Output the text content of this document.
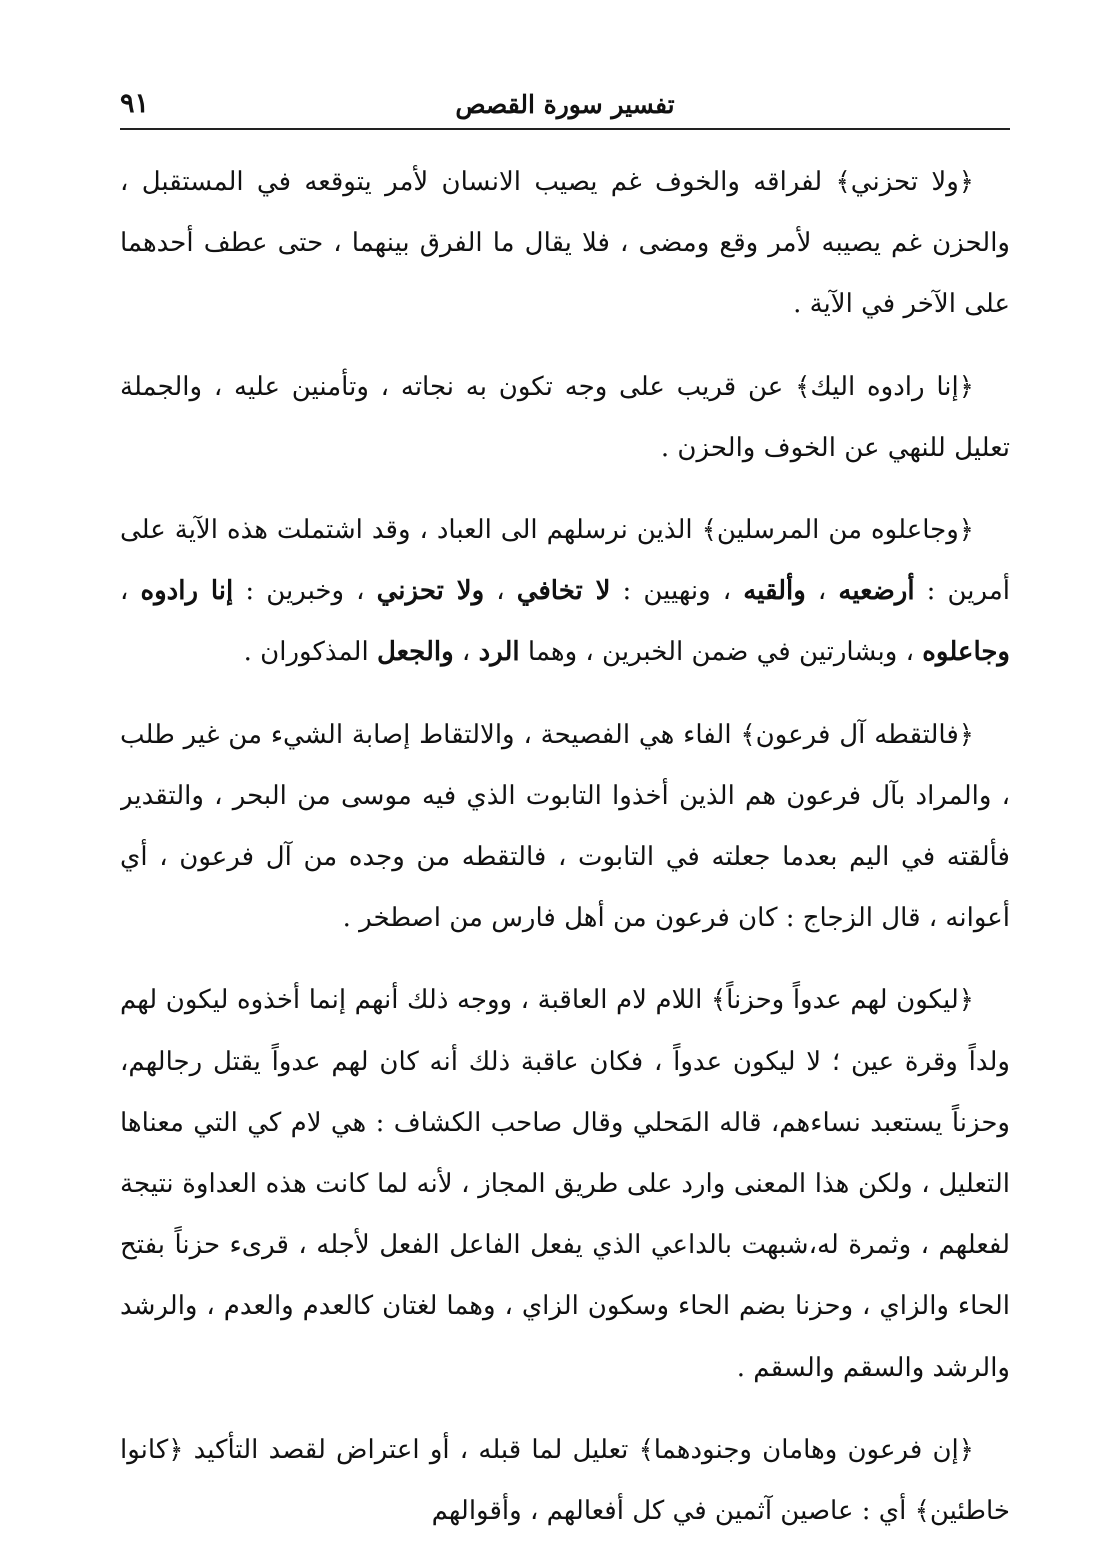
تفسير سورة القصص
٩١

﴿ولا تحزني﴾ لفراقه والخوف غم يصيب الانسان لأمر يتوقعه في المستقبل ، والحزن غم يصيبه لأمر وقع ومضى ، فلا يقال ما الفرق بينهما ، حتى عطف أحدهما على الآخر في الآية .

﴿إنا رادوه اليك﴾ عن قريب على وجه تكون به نجاته ، وتأمنين عليه ، والجملة تعليل للنهي عن الخوف والحزن .

﴿وجاعلوه من المرسلين﴾ الذين نرسلهم الى العباد ، وقد اشتملت هذه الآية على أمرين : أرضعيه ، وألقيه ، ونهيين : لا تخافي ، ولا تحزني ، وخبرين : إنا رادوه ، وجاعلوه ، وبشارتين في ضمن الخبرين ، وهما الرد ، والجعل المذكوران .

﴿فالتقطه آل فرعون﴾ الفاء هي الفصيحة ، والالتقاط إصابة الشيء من غير طلب ، والمراد بآل فرعون هم الذين أخذوا التابوت الذي فيه موسى من البحر ، والتقدير فألقته في اليم بعدما جعلته في التابوت ، فالتقطه من وجده من آل فرعون ، أي أعوانه ، قال الزجاج : كان فرعون من أهل فارس من اصطخر .

﴿ليكون لهم عدواً وحزناً﴾ اللام لام العاقبة ، ووجه ذلك أنهم إنما أخذوه ليكون لهم ولداً وقرة عين ؛ لا ليكون عدواً ، فكان عاقبة ذلك أنه كان لهم عدواً يقتل رجالهم، وحزناً يستعبد نساءهم، قاله المَحلي وقال صاحب الكشاف : هي لام كي التي معناها التعليل ، ولكن هذا المعنى وارد على طريق المجاز ، لأنه لما كانت هذه العداوة نتيجة لفعلهم ، وثمرة له،شبهت بالداعي الذي يفعل الفاعل الفعل لأجله ، قرىء حزناً بفتح الحاء والزاي ، وحزنا بضم الحاء وسكون الزاي ، وهما لغتان كالعدم والعدم ، والرشد والرشد والسقم والسقم .

﴿إن فرعون وهامان وجنودهما﴾ تعليل لما قبله ، أو اعتراض لقصد التأكيد ﴿كانوا خاطئين﴾ أي : عاصين آثمين في كل أفعالهم ، وأقوالهم
